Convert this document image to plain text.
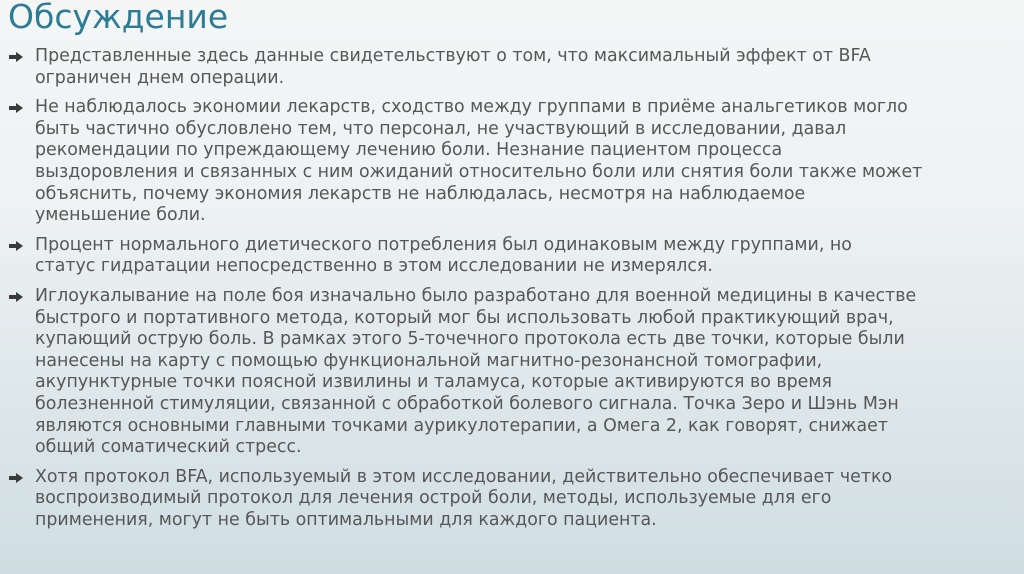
Обсуждение
Представленные здесь данные свидетельствуют о том, что максимальный эффект от BFA
ограничен днем операции.
Не наблюдалось экономии лекарств, сходство между группами в приёме анальгетиков могло
быть частично обусловлено тем, что персонал, не участвующий в исследовании, давал
рекомендации по упреждающему лечению боли. Незнание пациентом процесса
выздоровления и связанных с ним ожиданий относительно боли или снятия боли также может
объяснить, почему экономия лекарств не наблюдалась, несмотря на наблюдаемое
уменьшение боли.
Процент нормального диетического потребления был одинаковым между группами, но
статус гидратации непосредственно в этом исследовании не измерялся.
Иглоукалывание на поле боя изначально было разработано для военной медицины в качестве
быстрого и портативного метода, который мог бы использовать любой практикующий врач,
купающий острую боль. В рамках этого 5-точечного протокола есть две точки, которые были
нанесены на карту с помощью функциональной магнитно-резонансной томографии,
акупунктурные точки поясной извилины и таламуса, которые активируются во время
болезненной стимуляции, связанной с обработкой болевого сигнала. Точка Зеро и Шэнь Мэн
являются основными главными точками аурикулотерапии, а Омега 2, как говорят, снижает
общий соматический стресс.
Хотя протокол BFA, используемый в этом исследовании, действительно обеспечивает четко
воспроизводимый протокол для лечения острой боли, методы, используемые для его
применения, могут не быть оптимальными для каждого пациента.
